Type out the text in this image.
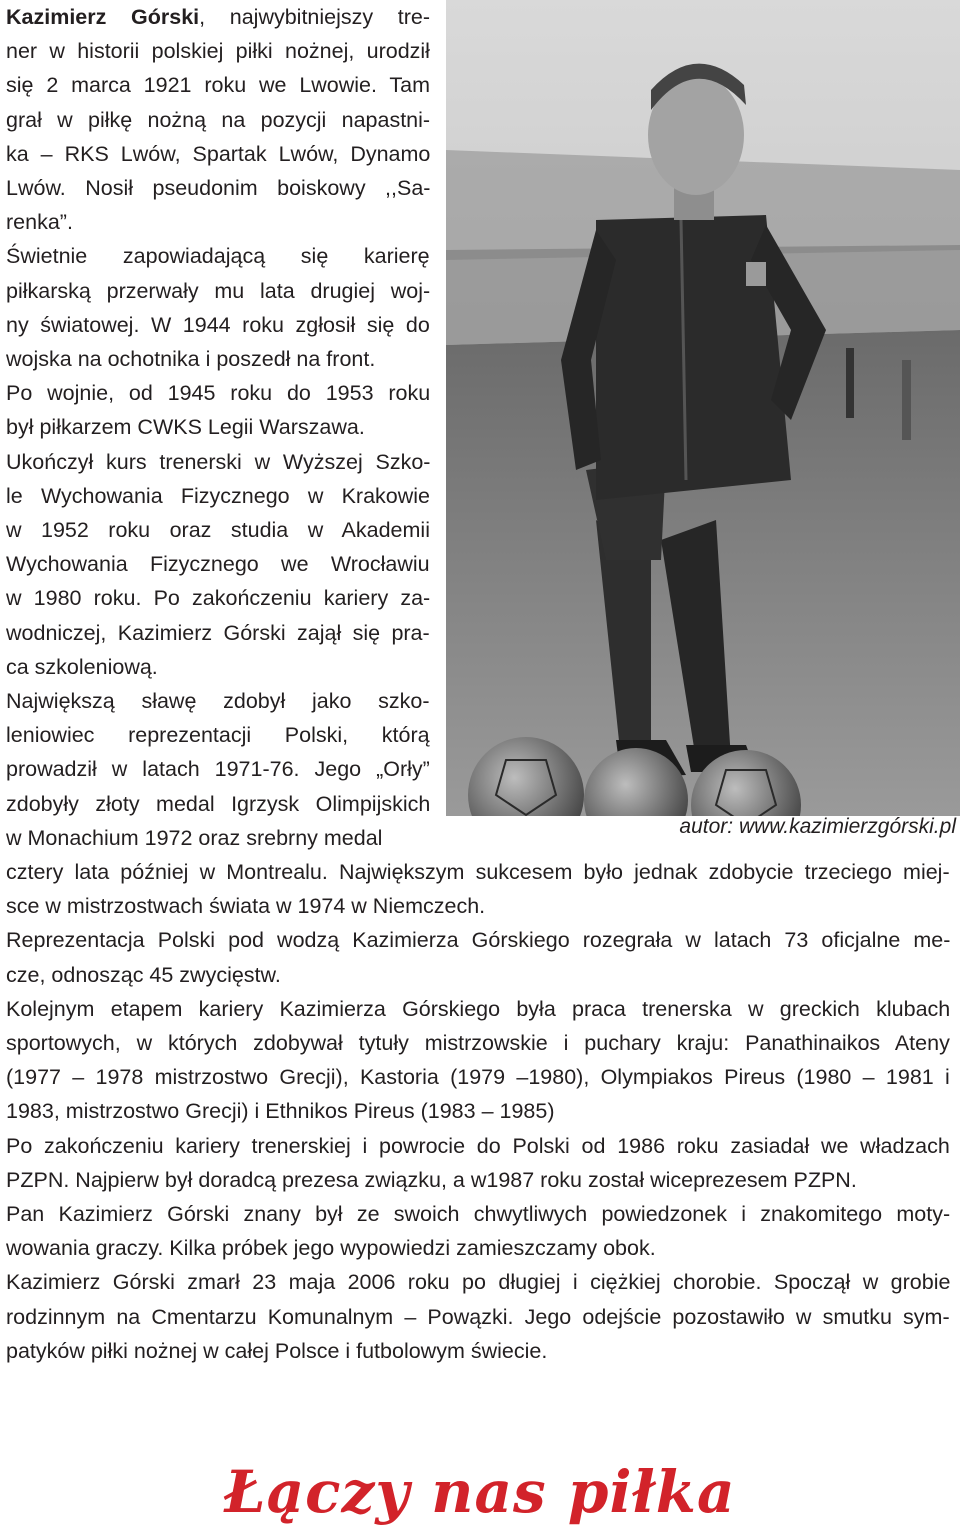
Kazimierz Górski, najwybitniejszy tre-
ner w historii polskiej piłki nożnej, urodził
się 2 marca 1921 roku we Lwowie. Tam
grał w piłkę nożną na pozycji napastni-
ka – RKS Lwów, Spartak Lwów, Dynamo
Lwów. Nosił pseudonim boiskowy ,,Sa-
renka”.
Świetnie zapowiadającą się karierę
piłkarską przerwały mu lata drugiej woj-
ny światowej. W 1944 roku zgłosił się do
wojska na ochotnika i poszedł na front.
Po wojnie, od 1945 roku do 1953 roku
był piłkarzem CWKS Legii Warszawa.
Ukończył kurs trenerski w Wyższej Szko-
le Wychowania Fizycznego w Krakowie
w 1952 roku oraz studia w Akademii
Wychowania Fizycznego we Wrocławiu
w 1980 roku. Po zakończeniu kariery za-
wodniczej, Kazimierz Górski zajął się pra-
ca szkoleniową.
Największą sławę zdobył jako szko-
leniowiec reprezentacji Polski, którą
prowadził w latach 1971-76. Jego „Orły”
zdobyły złoty medal Igrzysk Olimpijskich
w Monachium 1972 oraz srebrny medal
cztery lata później w Montrealu. Największym sukcesem było jednak zdobycie trzeciego miej-
sce w mistrzostwach świata w 1974 w Niemczech.
Reprezentacja Polski pod wodzą Kazimierza Górskiego rozegrała w latach 73 oficjalne me-
cze, odnosząc 45 zwycięstw.
Kolejnym etapem kariery Kazimierza Górskiego była praca trenerska w greckich klubach
sportowych, w których zdobywał tytuły mistrzowskie i puchary kraju: Panathinaikos Ateny
(1977 – 1978 mistrzostwo Grecji), Kastoria (1979 –1980), Olympiakos Pireus (1980 – 1981 i
1983, mistrzostwo Grecji) i Ethnikos Pireus (1983 – 1985)
Po zakończeniu kariery trenerskiej i powrocie do Polski od 1986 roku zasiadał we władzach
PZPN. Najpierw był doradcą prezesa związku, a w1987 roku został wiceprezesem PZPN.
Pan Kazimierz Górski znany był ze swoich chwytliwych powiedzonek i znakomitego moty-
wowania graczy. Kilka próbek jego wypowiedzi zamieszczamy obok.
Kazimierz Górski zmarł 23 maja 2006 roku po długiej i ciężkiej chorobie. Spoczął w grobie
rodzinnym na Cmentarzu Komunalnym – Powązki. Jego odejście pozostawiło w smutku sym-
patyków piłki nożnej w całej Polsce i futbolowym świecie.
autor: www.kazimierzgórski.pl
Łączy nas piłka
